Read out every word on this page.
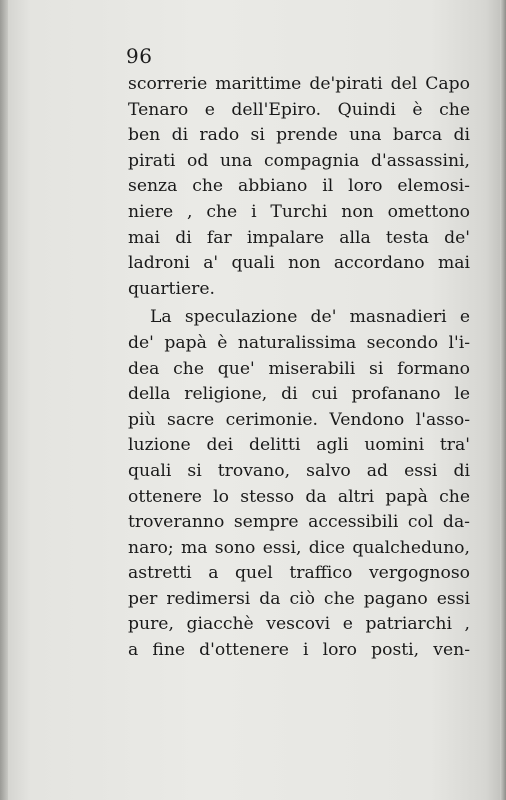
96
scorrerie marittime de'pirati del Capo
Tenaro e dell'Epiro. Quindi è che
ben di rado si prende una barca di
pirati od una compagnia d'assassini,
senza che abbiano il loro elemosi-
niere , che i Turchi non omettono
mai di far impalare alla testa de'
ladroni a' quali non accordano mai
quartiere.
La speculazione de' masnadieri e
de' papà è naturalissima secondo l'i-
dea che que' miserabili si formano
della religione, di cui profanano le
più sacre cerimonie. Vendono l'asso-
luzione dei delitti agli uomini tra'
quali si trovano, salvo ad essi di
ottenere lo stesso da altri papà che
troveranno sempre accessibili col da-
naro; ma sono essi, dice qualcheduno,
astretti a quel traffico vergognoso
per redimersi da ciò che pagano essi
pure, giacchè vescovi e patriarchi ,
a fine d'ottenere i loro posti, ven-
